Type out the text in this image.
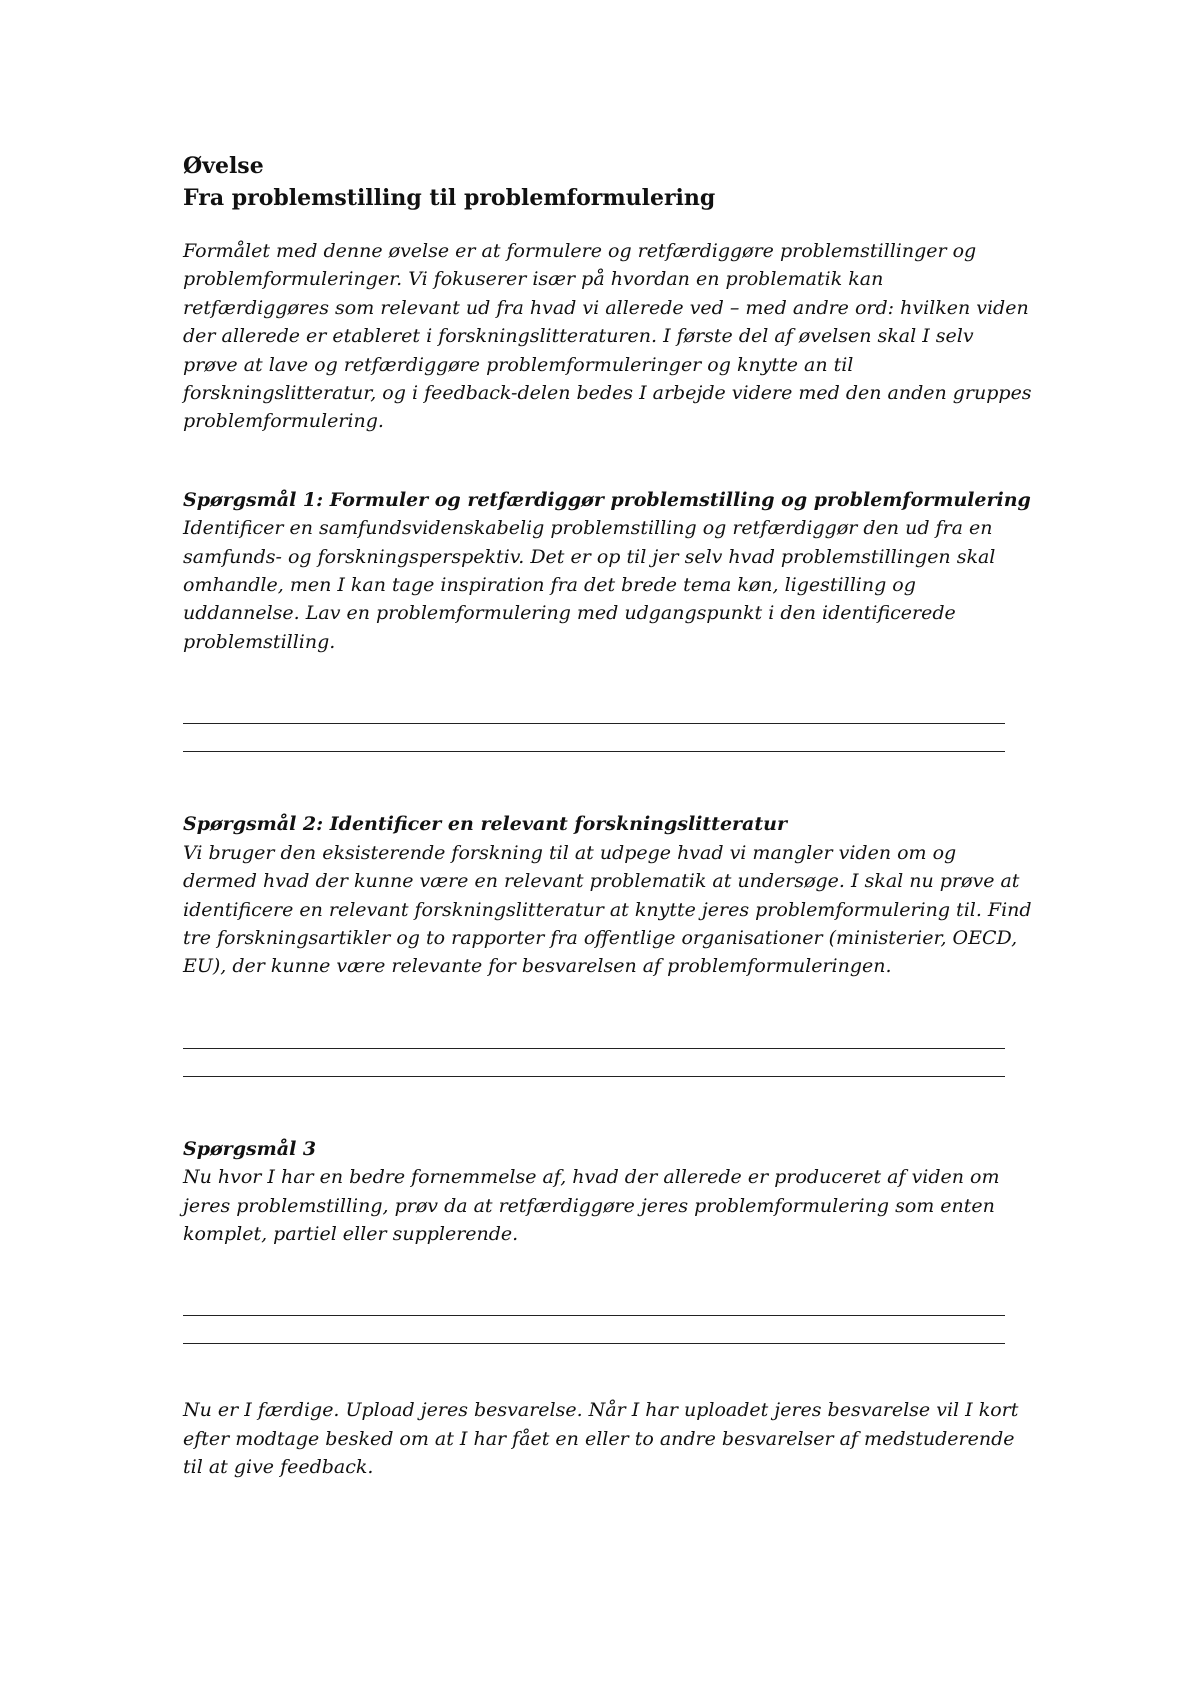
Øvelse
Fra problemstilling til problemformulering

Formålet med denne øvelse er at formulere og retfærdiggøre problemstillinger og problemformuleringer. Vi fokuserer især på hvordan en problematik kan retfærdiggøres som relevant ud fra hvad vi allerede ved – med andre ord: hvilken viden der allerede er etableret i forskningslitteraturen. I første del af øvelsen skal I selv prøve at lave og retfærdiggøre problemformuleringer og knytte an til forskningslitteratur, og i feedback-delen bedes I arbejde videre med den anden gruppes problemformulering.

Spørgsmål 1: Formuler og retfærdiggør problemstilling og problemformulering

Identificer en samfundsvidenskabelig problemstilling og retfærdiggør den ud fra en samfunds- og forskningsperspektiv. Det er op til jer selv hvad problemstillingen skal omhandle, men I kan tage inspiration fra det brede tema køn, ligestilling og uddannelse. Lav en problemformulering med udgangspunkt i den identificerede problemstilling.

Spørgsmål 2: Identificer en relevant forskningslitteratur

Vi bruger den eksisterende forskning til at udpege hvad vi mangler viden om og dermed hvad der kunne være en relevant problematik at undersøge. I skal nu prøve at identificere en relevant forskningslitteratur at knytte jeres problemformulering til. Find tre forskningsartikler og to rapporter fra offentlige organisationer (ministerier, OECD, EU), der kunne være relevante for besvarelsen af problemformuleringen.

Spørgsmål 3

Nu hvor I har en bedre fornemmelse af, hvad der allerede er produceret af viden om jeres problemstilling, prøv da at retfærdiggøre jeres problemformulering som enten komplet, partiel eller supplerende.

Nu er I færdige. Upload jeres besvarelse. Når I har uploadet jeres besvarelse vil I kort efter modtage besked om at I har fået en eller to andre besvarelser af medstuderende til at give feedback.
